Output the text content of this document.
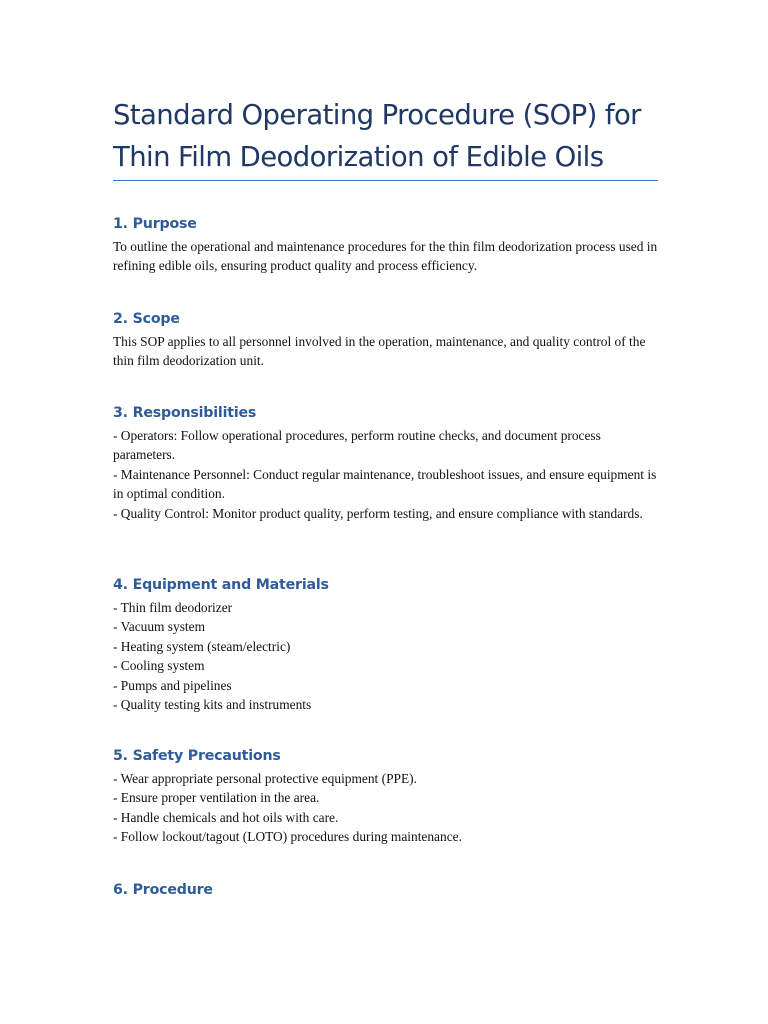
Standard Operating Procedure (SOP) for Thin Film Deodorization of Edible Oils
1. Purpose

To outline the operational and maintenance procedures for the thin film deodorization process used in refining edible oils, ensuring product quality and process efficiency.

2. Scope

This SOP applies to all personnel involved in the operation, maintenance, and quality control of the thin film deodorization unit.

3. Responsibilities
- Operators: Follow operational procedures, perform routine checks, and document process parameters.
- Maintenance Personnel: Conduct regular maintenance, troubleshoot issues, and ensure equipment is in optimal condition.
- Quality Control: Monitor product quality, perform testing, and ensure compliance with standards.
4. Equipment and Materials
- Thin film deodorizer
- Vacuum system
- Heating system (steam/electric)
- Cooling system
- Pumps and pipelines
- Quality testing kits and instruments
5. Safety Precautions
- Wear appropriate personal protective equipment (PPE).
- Ensure proper ventilation in the area.
- Handle chemicals and hot oils with care.
- Follow lockout/tagout (LOTO) procedures during maintenance.
6. Procedure
